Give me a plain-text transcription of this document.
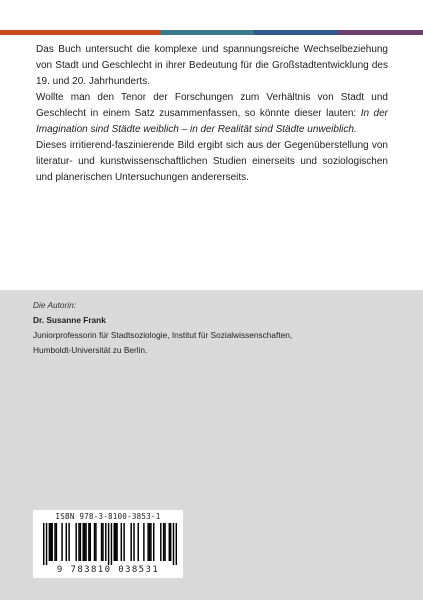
Das Buch untersucht die komplexe und spannungsreiche Wechselbeziehung von Stadt und Geschlecht in ihrer Bedeutung für die Großstadtentwicklung des 19. und 20. Jahrhunderts.

Wollte man den Tenor der Forschungen zum Verhältnis von Stadt und Geschlecht in einem Satz zusammenfassen, so könnte dieser lauten: In der Imagination sind Städte weiblich – in der Realität sind Städte unweiblich.

Dieses irritierend-faszinierende Bild ergibt sich aus der Gegenüberstellung von literatur- und kunstwissenschaftlichen Studien einerseits und soziologischen und planerischen Untersuchungen andererseits.

Die Autorin:
Dr. Susanne Frank
Juniorprofessorin für Stadtsoziologie, Institut für Sozialwissenschaften,
Humboldt-Universität zu Berlin.
ISBN 978-3-8100-3853-1
9 783810 038531
